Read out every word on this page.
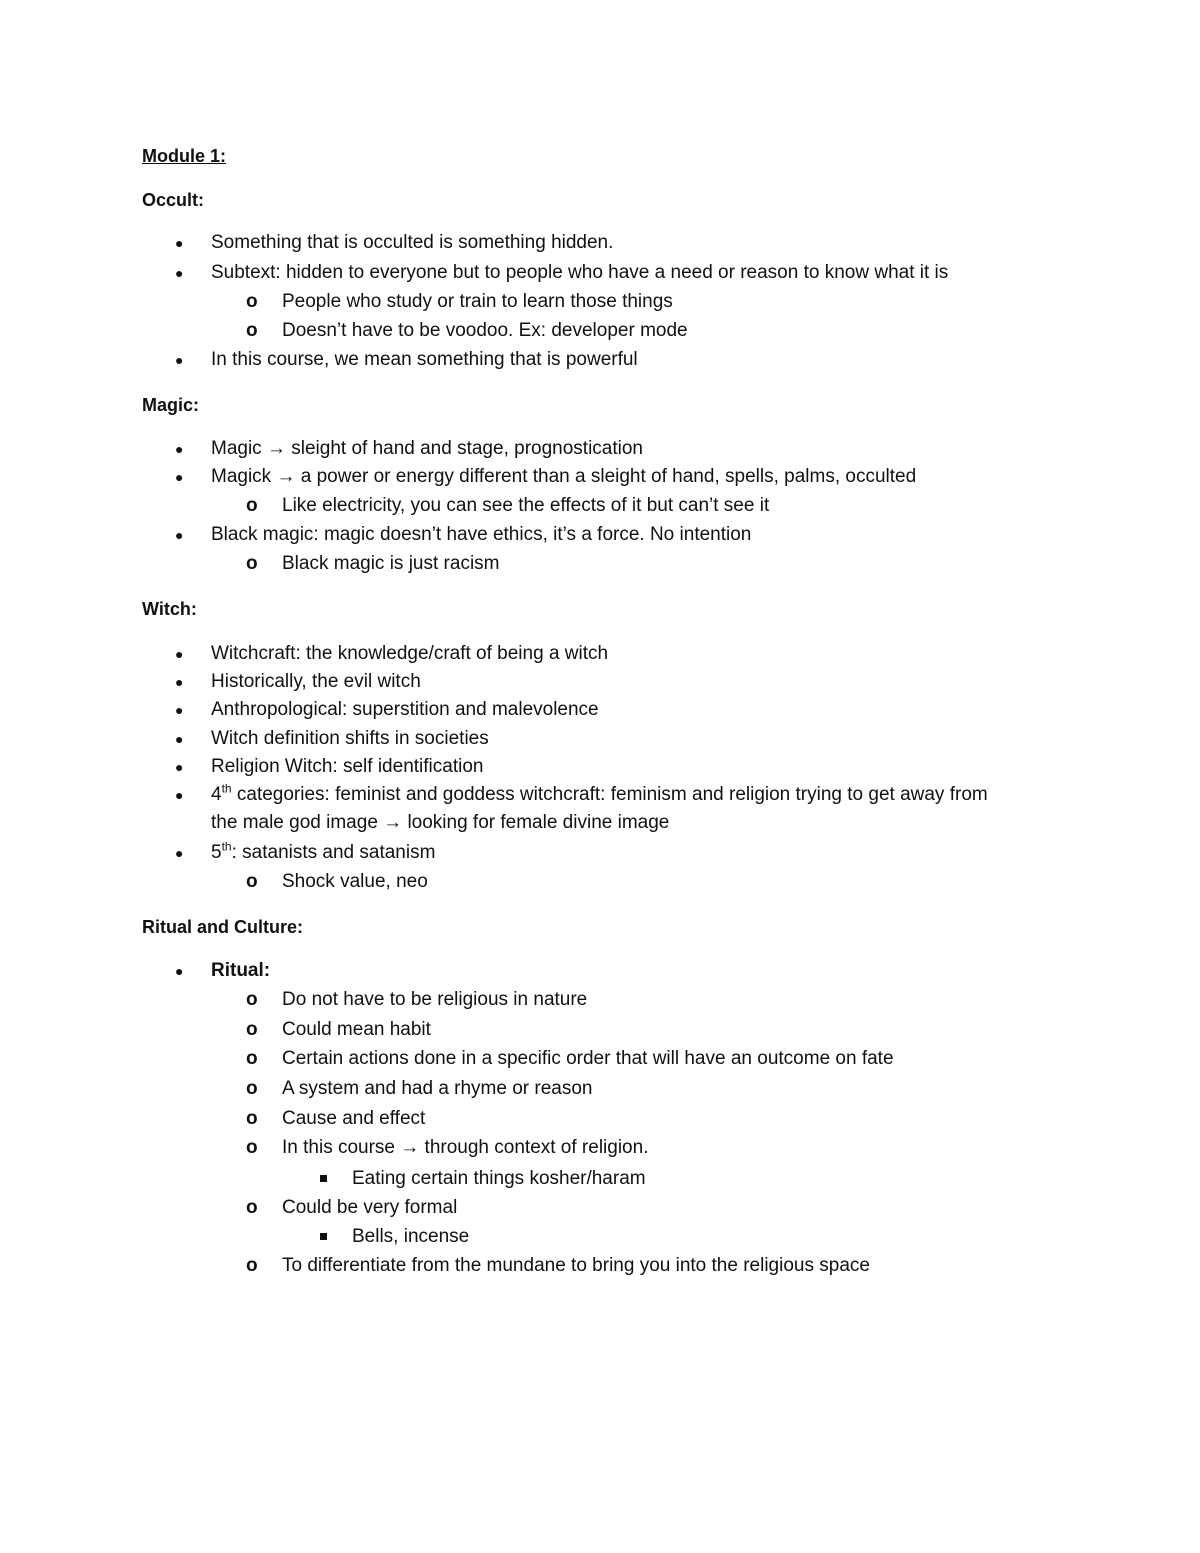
Module 1:
Occult:
● Something that is occulted is something hidden.
● Subtext: hidden to everyone but to people who have a need or reason to know what it is
o People who study or train to learn those things
o Doesn’t have to be voodoo. Ex: developer mode
● In this course, we mean something that is powerful
Magic:
● Magic → sleight of hand and stage, prognostication
● Magick → a power or energy different than a sleight of hand, spells, palms, occulted
o Like electricity, you can see the effects of it but can’t see it
● Black magic: magic doesn’t have ethics, it’s a force. No intention
o Black magic is just racism
Witch:
● Witchcraft: the knowledge/craft of being a witch
● Historically, the evil witch
● Anthropological: superstition and malevolence
● Witch definition shifts in societies
● Religion Witch: self identification
● 4th categories: feminist and goddess witchcraft: feminism and religion trying to get away from
the male god image → looking for female divine image
● 5th: satanists and satanism
o Shock value, neo
Ritual and Culture:
● Ritual:
o Do not have to be religious in nature
o Could mean habit
o Certain actions done in a specific order that will have an outcome on fate
o A system and had a rhyme or reason
o Cause and effect
o In this course → through context of religion.
Eating certain things kosher/haram
o Could be very formal
Bells, incense
o To differentiate from the mundane to bring you into the religious space
